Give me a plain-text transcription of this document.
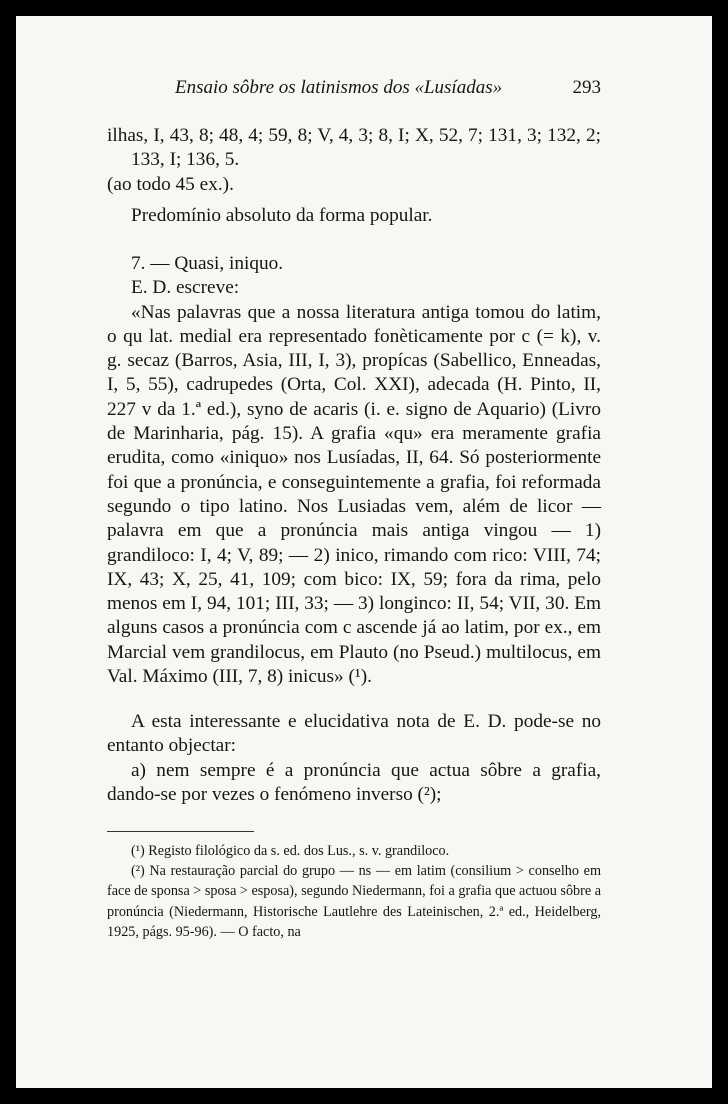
Ensaio sôbre os latinismos dos «Lusíadas»	293

ilhas, I, 43, 8; 48, 4; 59, 8; V, 4, 3; 8, I; X, 52, 7; 131, 3; 132, 2; 133, I; 136, 5.

(ao todo 45 ex.).

Predomínio absoluto da forma popular.

7. — Quasi, iniquo.

E. D. escreve:

«Nas palavras que a nossa literatura antiga tomou do latim, o qu lat. medial era representado fonèticamente por c (= k), v. g. secaz (Barros, Asia, III, I, 3), propícas (Sabellico, Enneadas, I, 5, 55), cadrupedes (Orta, Col. XXI), adecada (H. Pinto, II, 227 v da 1.ª ed.), syno de acaris (i. e. signo de Aquario) (Livro de Marinharia, pág. 15). A grafia «qu» era meramente grafia erudita, como «iniquo» nos Lusíadas, II, 64. Só posteriormente foi que a pronúncia, e conseguintemente a grafia, foi reformada segundo o tipo latino. Nos Lusiadas vem, além de licor — palavra em que a pronúncia mais antiga vingou — 1) grandiloco: I, 4; V, 89; — 2) inico, rimando com rico: VIII, 74; IX, 43; X, 25, 41, 109; com bico: IX, 59; fora da rima, pelo menos em I, 94, 101; III, 33; — 3) longinco: II, 54; VII, 30. Em alguns casos a pronúncia com c ascende já ao latim, por ex., em Marcial vem grandilocus, em Plauto (no Pseud.) multilocus, em Val. Máximo (III, 7, 8) inicus» (¹).

A esta interessante e elucidativa nota de E. D. pode-se no entanto objectar:

a) nem sempre é a pronúncia que actua sôbre a grafia, dando-se por vezes o fenómeno inverso (²);

(¹) Registo filológico da s. ed. dos Lus., s. v. grandiloco.

(²) Na restauração parcial do grupo — ns — em latim (consilium > conselho em face de sponsa > sposa > esposa), segundo Niedermann, foi a grafia que actuou sôbre a pronúncia (Niedermann, Historische Lautlehre des Lateinischen, 2.ª ed., Heidelberg, 1925, págs. 95-96). — O facto, na
